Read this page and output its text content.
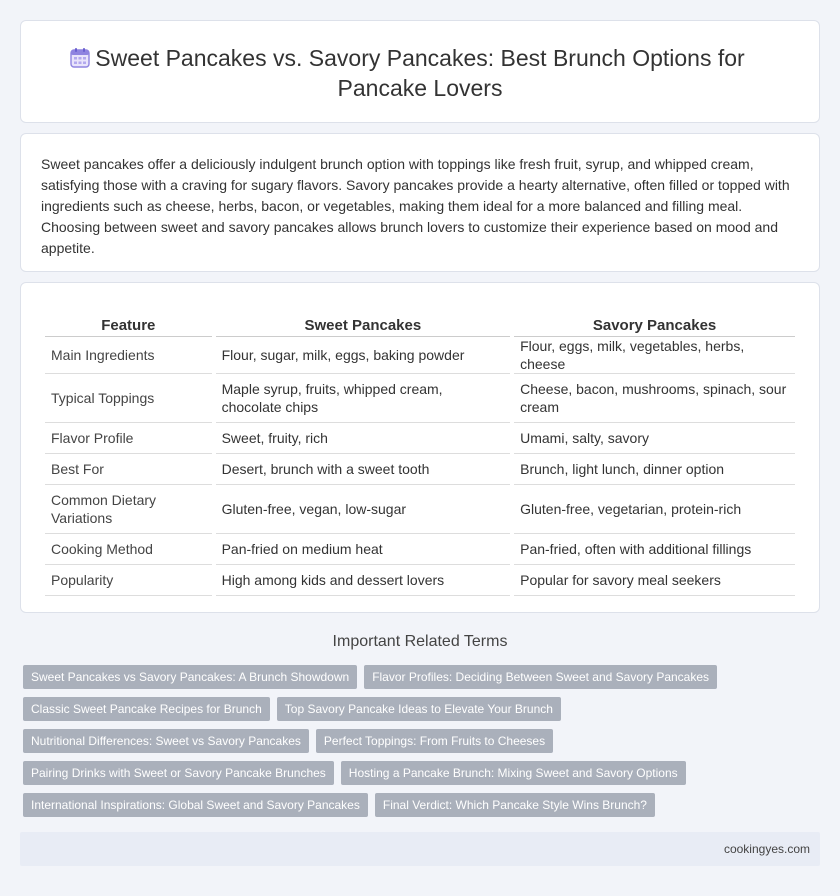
Sweet Pancakes vs. Savory Pancakes: Best Brunch Options for Pancake Lovers

Sweet pancakes offer a deliciously indulgent brunch option with toppings like fresh fruit, syrup, and whipped cream, satisfying those with a craving for sugary flavors. Savory pancakes provide a hearty alternative, often filled or topped with ingredients such as cheese, herbs, bacon, or vegetables, making them ideal for a more balanced and filling meal. Choosing between sweet and savory pancakes allows brunch lovers to customize their experience based on mood and appetite.

Feature	Sweet Pancakes	Savory Pancakes
Main Ingredients	Flour, sugar, milk, eggs, baking powder	Flour, eggs, milk, vegetables, herbs, cheese
Typical Toppings	Maple syrup, fruits, whipped cream, chocolate chips	Cheese, bacon, mushrooms, spinach, sour cream
Flavor Profile	Sweet, fruity, rich	Umami, salty, savory
Best For	Desert, brunch with a sweet tooth	Brunch, light lunch, dinner option
Common Dietary Variations	Gluten-free, vegan, low-sugar	Gluten-free, vegetarian, protein-rich
Cooking Method	Pan-fried on medium heat	Pan-fried, often with additional fillings
Popularity	High among kids and dessert lovers	Popular for savory meal seekers
Important Related Terms
Sweet Pancakes vs Savory Pancakes: A Brunch Showdown	Flavor Profiles: Deciding Between Sweet and Savory Pancakes
Classic Sweet Pancake Recipes for Brunch	Top Savory Pancake Ideas to Elevate Your Brunch
Nutritional Differences: Sweet vs Savory Pancakes	Perfect Toppings: From Fruits to Cheeses
Pairing Drinks with Sweet or Savory Pancake Brunches	Hosting a Pancake Brunch: Mixing Sweet and Savory Options
International Inspirations: Global Sweet and Savory Pancakes	Final Verdict: Which Pancake Style Wins Brunch?
cookingyes.com
